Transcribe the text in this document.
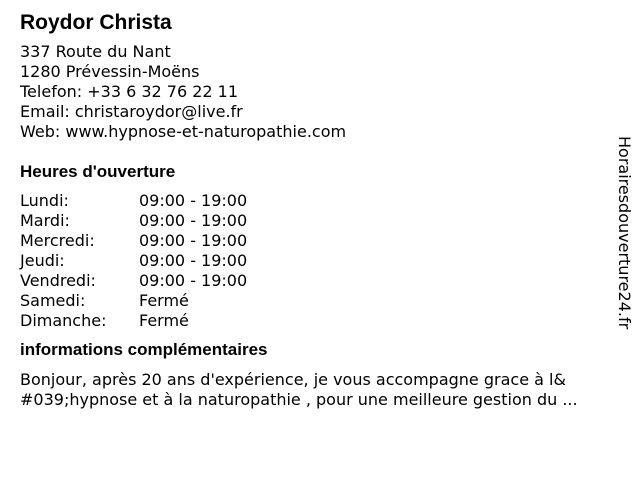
Roydor Christa
337 Route du Nant
1280 Prévessin-Moëns
Telefon: +33 6 32 76 22 11
Email: christaroydor@live.fr
Web: www.hypnose-et-naturopathie.com
Heures d'ouverture
Lundi:	09:00 - 19:00
Mardi:	09:00 - 19:00
Mercredi:	09:00 - 19:00
Jeudi:	09:00 - 19:00
Vendredi:	09:00 - 19:00
Samedi:	Fermé
Dimanche:	Fermé
informations complémentaires
Bonjour, après 20 ans d'expérience, je vous accompagne grace à l&
#039;hypnose et à la naturopathie , pour une meilleure gestion du ...
Horairesdouverture24.fr
